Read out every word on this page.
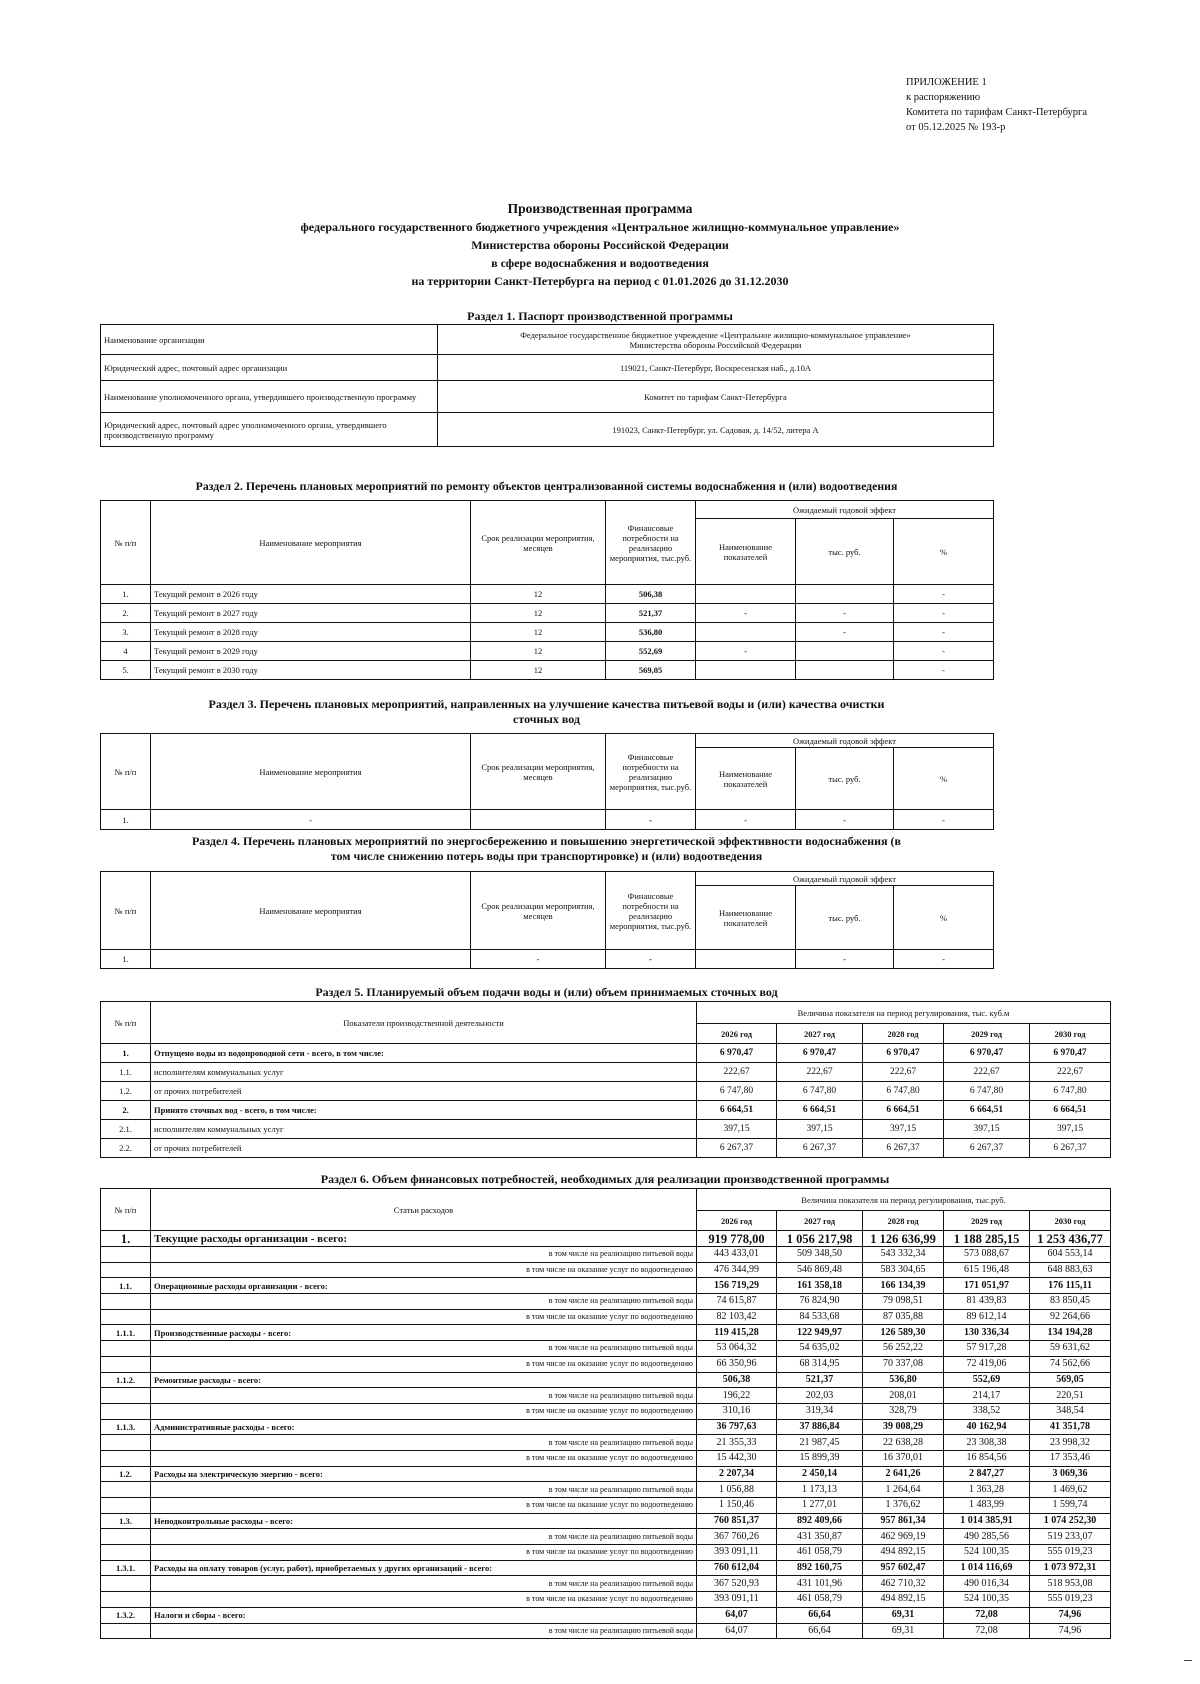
ПРИЛОЖЕНИЕ 1
к распоряжению
Комитета по тарифам Санкт-Петербурга
от 05.12.2025 № 193-р
Производственная программа
федерального государственного бюджетного учреждения «Центральное жилищно-коммунальное управление»
Министерства обороны Российской Федерации
в сфере водоснабжения и водоотведения
на территории Санкт-Петербурга на период с 01.01.2026 до 31.12.2030
Раздел 1. Паспорт производственной программы
Наименование организации	Федеральное государственное бюджетное учреждение «Центральное жилищно-коммунальное управление» Министерства обороны Российской Федерации
Юридический адрес, почтовый адрес организации	119021, Санкт-Петербург, Воскресенская наб., д.10А
Наименование уполномоченного органа, утвердившего производственную программу	Комитет по тарифам Санкт-Петербурга
Юридический адрес, почтовый адрес уполномоченного органа, утвердившего производственную программу	191023, Санкт-Петербург, ул. Садовая, д. 14/52, литера А
Раздел 2. Перечень плановых мероприятий по ремонту объектов централизованной системы водоснабжения и (или) водоотведения
№ п/п	Наименование мероприятия	Срок реализации мероприятия, месяцев	Финансовые потребности на реализацию мероприятия, тыс.руб.	Ожидаемый годовой эффект		
				Наименование показателей	тыс. руб.	%
1.	Текущий ремонт в 2026 году	12	506,38			-
2.	Текущий ремонт в 2027 году	12	521,37	-	-	-
3.	Текущий ремонт в 2028 году	12	536,80		-	-
4	Текущий ремонт в 2029 году	12	552,69	-		-
5.	Текущий ремонт в 2030 году	12	569,05			-
Раздел 3. Перечень плановых мероприятий, направленных на улучшение качества питьевой воды и (или) качества очистки
сточных вод
№ п/п	Наименование мероприятия	Срок реализации мероприятия, месяцев	Финансовые потребности на реализацию мероприятия, тыс.руб.	Ожидаемый годовой эффект		
				Наименование показателей	тыс. руб.	%
1.	-		-	-	-	-
Раздел 4. Перечень плановых мероприятий по энергосбережению и повышению энергетической эффективности водоснабжения (в
том числе снижению потерь воды при транспортировке) и (или) водоотведения
№ п/п	Наименование мероприятия	Срок реализации мероприятия, месяцев	Финансовые потребности на реализацию мероприятия, тыс.руб.	Ожидаемый годовой эффект		
				Наименование показателей	тыс. руб.	%
1.		-	-		-	-
Раздел 5. Планируемый объем подачи воды и (или) объем принимаемых сточных вод
№ п/п	Показатели производственной деятельности	Величина показателя на период регулирования, тыс. куб.м				
		2026 год	2027 год	2028 год	2029 год	2030 год
1.	Отпущено воды из водопроводной сети - всего, в том числе:	6 970,47	6 970,47	6 970,47	6 970,47	6 970,47
1.1.	исполнителям коммунальных услуг	222,67	222,67	222,67	222,67	222,67
1.2.	от прочих потребителей	6 747,80	6 747,80	6 747,80	6 747,80	6 747,80
2.	Принято сточных вод - всего, в том числе:	6 664,51	6 664,51	6 664,51	6 664,51	6 664,51
2.1.	исполнителям коммунальных услуг	397,15	397,15	397,15	397,15	397,15
2.2.	от прочих потребителей	6 267,37	6 267,37	6 267,37	6 267,37	6 267,37
Раздел 6. Объем финансовых потребностей, необходимых для реализации производственной программы
№ п/п	Статьи расходов	Величина показателя на период регулирования, тыс.руб.				
		2026 год	2027 год	2028 год	2029 год	2030 год
1.	Текущие расходы организации - всего:	919 778,00	1 056 217,98	1 126 636,99	1 188 285,15	1 253 436,77
	в том числе на реализацию питьевой воды	443 433,01	509 348,50	543 332,34	573 088,67	604 553,14
	в том числе на оказание услуг по водоотведению	476 344,99	546 869,48	583 304,65	615 196,48	648 883,63
1.1.	Операционные расходы организации - всего:	156 719,29	161 358,18	166 134,39	171 051,97	176 115,11
	в том числе на реализацию питьевой воды	74 615,87	76 824,90	79 098,51	81 439,83	83 850,45
	в том числе на оказание услуг по водоотведению	82 103,42	84 533,68	87 035,88	89 612,14	92 264,66
1.1.1.	Производственные расходы - всего:	119 415,28	122 949,97	126 589,30	130 336,34	134 194,28
	в том числе на реализацию питьевой воды	53 064,32	54 635,02	56 252,22	57 917,28	59 631,62
	в том числе на оказание услуг по водоотведению	66 350,96	68 314,95	70 337,08	72 419,06	74 562,66
1.1.2.	Ремонтные расходы - всего:	506,38	521,37	536,80	552,69	569,05
	в том числе на реализацию питьевой воды	196,22	202,03	208,01	214,17	220,51
	в том числе на оказание услуг по водоотведению	310,16	319,34	328,79	338,52	348,54
1.1.3.	Административные расходы - всего:	36 797,63	37 886,84	39 008,29	40 162,94	41 351,78
	в том числе на реализацию питьевой воды	21 355,33	21 987,45	22 638,28	23 308,38	23 998,32
	в том числе на оказание услуг по водоотведению	15 442,30	15 899,39	16 370,01	16 854,56	17 353,46
1.2.	Расходы на электрическую энергию - всего:	2 207,34	2 450,14	2 641,26	2 847,27	3 069,36
	в том числе на реализацию питьевой воды	1 056,88	1 173,13	1 264,64	1 363,28	1 469,62
	в том числе на оказание услуг по водоотведению	1 150,46	1 277,01	1 376,62	1 483,99	1 599,74
1.3.	Неподконтрольные расходы - всего:	760 851,37	892 409,66	957 861,34	1 014 385,91	1 074 252,30
	в том числе на реализацию питьевой воды	367 760,26	431 350,87	462 969,19	490 285,56	519 233,07
	в том числе на оказание услуг по водоотведению	393 091,11	461 058,79	494 892,15	524 100,35	555 019,23
1.3.1.	Расходы на оплату товаров (услуг, работ), приобретаемых у других организаций - всего:	760 612,04	892 160,75	957 602,47	1 014 116,69	1 073 972,31
	в том числе на реализацию питьевой воды	367 520,93	431 101,96	462 710,32	490 016,34	518 953,08
	в том числе на оказание услуг по водоотведению	393 091,11	461 058,79	494 892,15	524 100,35	555 019,23
1.3.2.	Налоги и сборы - всего:	64,07	66,64	69,31	72,08	74,96
	в том числе на реализацию питьевой воды	64,07	66,64	69,31	72,08	74,96
